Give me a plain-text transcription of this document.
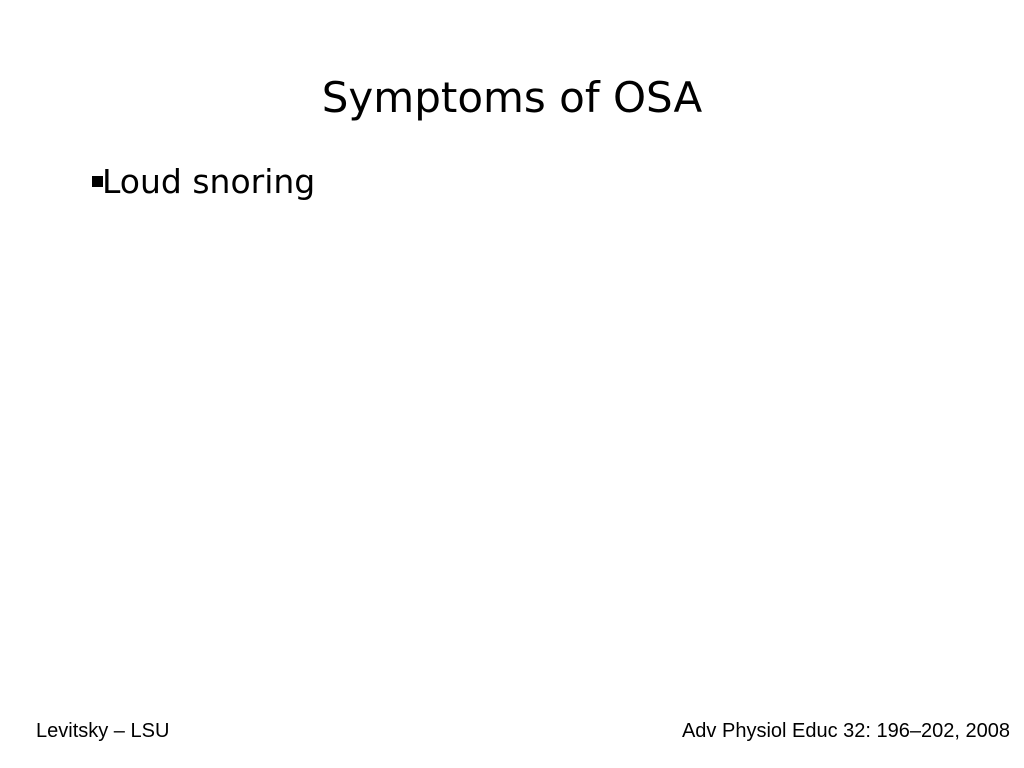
Symptoms of OSA
Loud snoring
Levitsky – LSU	Adv Physiol Educ 32: 196–202, 2008
